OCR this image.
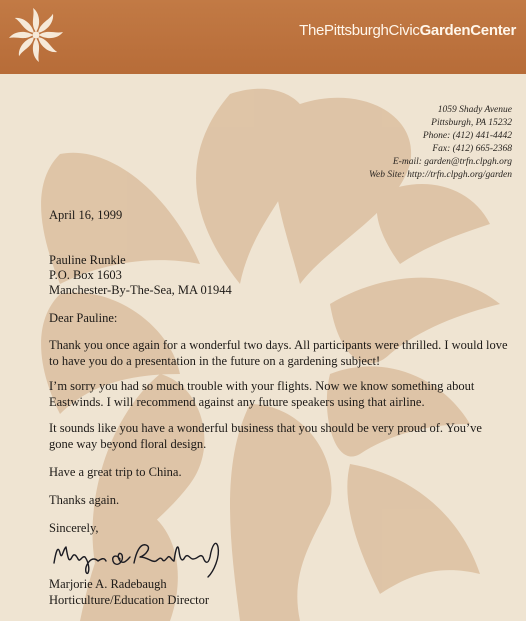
ThePittsburghCivicGardenCenter
1059 Shady Avenue
Pittsburgh, PA 15232
Phone: (412) 441-4442
Fax: (412) 665-2368
E-mail: garden@trfn.clpgh.org
Web Site: http://trfn.clpgh.org/garden
April 16, 1999
Pauline Runkle
P.O. Box 1603
Manchester-By-The-Sea, MA 01944
Dear Pauline:
Thank you once again for a wonderful two days. All participants were thrilled. I would love to have you do a presentation in the future on a gardening subject!
I’m sorry you had so much trouble with your flights. Now we know something about Eastwinds. I will recommend against any future speakers using that airline.
It sounds like you have a wonderful business that you should be very proud of. You’ve gone way beyond floral design.
Have a great trip to China.
Thanks again.
Sincerely,
Marjorie A. Radebaugh
Horticulture/Education Director
